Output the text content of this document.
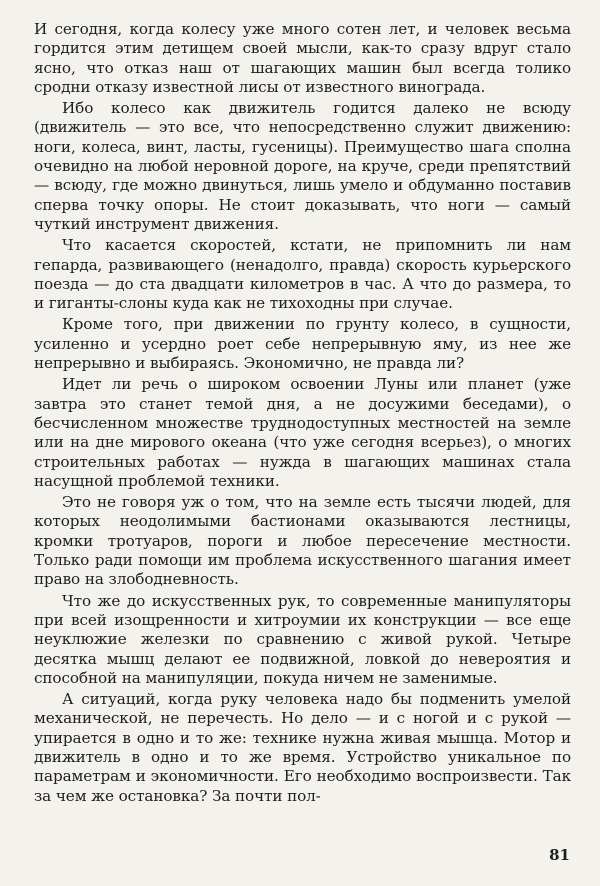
И сегодня, когда колесу уже много сотен лет, и человек весьма гордится этим детищем своей мысли, как-то сразу вдруг стало ясно, что отказ наш от шагающих машин был всегда толико сродни отказу известной лисы от известного винограда.

Ибо колесо как движитель годится далеко не всюду (движитель — это все, что непосредственно служит движению: ноги, колеса, винт, ласты, гусеницы). Преимущество шага сполна очевидно на любой неровной дороге, на круче, среди препятствий — всюду, где можно двинуться, лишь умело и обдуманно поставив сперва точку опоры. Не стоит доказывать, что ноги — самый чуткий инструмент движения.

Что касается скоростей, кстати, не припомнить ли нам гепарда, развивающего (ненадолго, правда) скорость курьерского поезда — до ста двадцати километров в час. А что до размера, то и гиганты-слоны куда как не тихоходны при случае.

Кроме того, при движении по грунту колесо, в сущности, усиленно и усердно роет себе непрерывную яму, из нее же непрерывно и выбираясь. Экономично, не правда ли?

Идет ли речь о широком освоении Луны или планет (уже завтра это станет темой дня, а не досужими беседами), о бесчисленном множестве труднодоступных местностей на земле или на дне мирового океана (что уже сегодня всерьез), о многих строительных работах — нужда в шагающих машинах стала насущной проблемой техники.

Это не говоря уж о том, что на земле есть тысячи людей, для которых неодолимыми бастионами оказываются лестницы, кромки тротуаров, пороги и любое пересечение местности. Только ради помощи им проблема искусственного шагания имеет право на злободневность.

Что же до искусственных рук, то современные манипуляторы при всей изощренности и хитроумии их конструкции — все еще неуклюжие железки по сравнению с живой рукой. Четыре десятка мышц делают ее подвижной, ловкой до невероятия и способной на манипуляции, покуда ничем не заменимые.

А ситуаций, когда руку человека надо бы подменить умелой механической, не перечесть. Но дело — и с ногой и с рукой — упирается в одно и то же: технике нужна живая мышца. Мотор и движитель в одно и то же время. Устройство уникальное по параметрам и экономичности. Его необходимо воспроизвести. Так за чем же остановка? За почти пол-

81
